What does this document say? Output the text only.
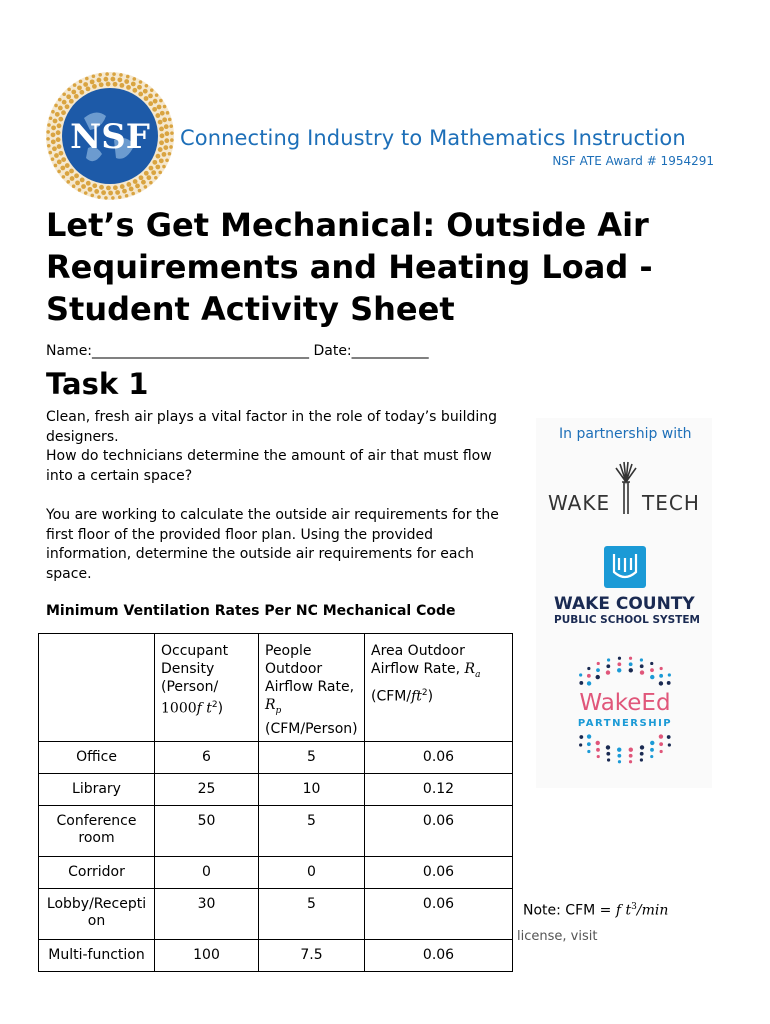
NSF Connecting Industry to Mathematics Instruction
NSF ATE Award # 1954291
Let’s Get Mechanical: Outside Air Requirements and Heating Load - Student Activity Sheet
Name:_______________________________ Date:___________
Task 1

Clean, fresh air plays a vital factor in the role of today’s building designers.
How do technicians determine the amount of air that must flow into a certain space?

You are working to calculate the outside air requirements for the first floor of the provided floor plan. Using the provided information, determine the outside air requirements for each space.

Minimum Ventilation Rates Per NC Mechanical Code
	Occupant Density (Person/
1000f $t^2$)	People Outdoor Airflow Rate,
$R_p$
(CFM/Person)	Area Outdoor Airflow Rate, $R_a$
$(CFM/ft^2)$
Office	6	5	0.06
Library	25	10	0.12
Conference room	50	5	0.06
Corridor	0	0	0.06
Lobby/Recepti on	30	5	0.06
Multi-function	100	7.5	0.06
In partnership with
WAKE TECH
WAKE COUNTY
PUBLIC SCHOOL SYSTEM
WakeEd
PARTNERSHIP
Note: CFM = f $t^3/\min$
license, visit
